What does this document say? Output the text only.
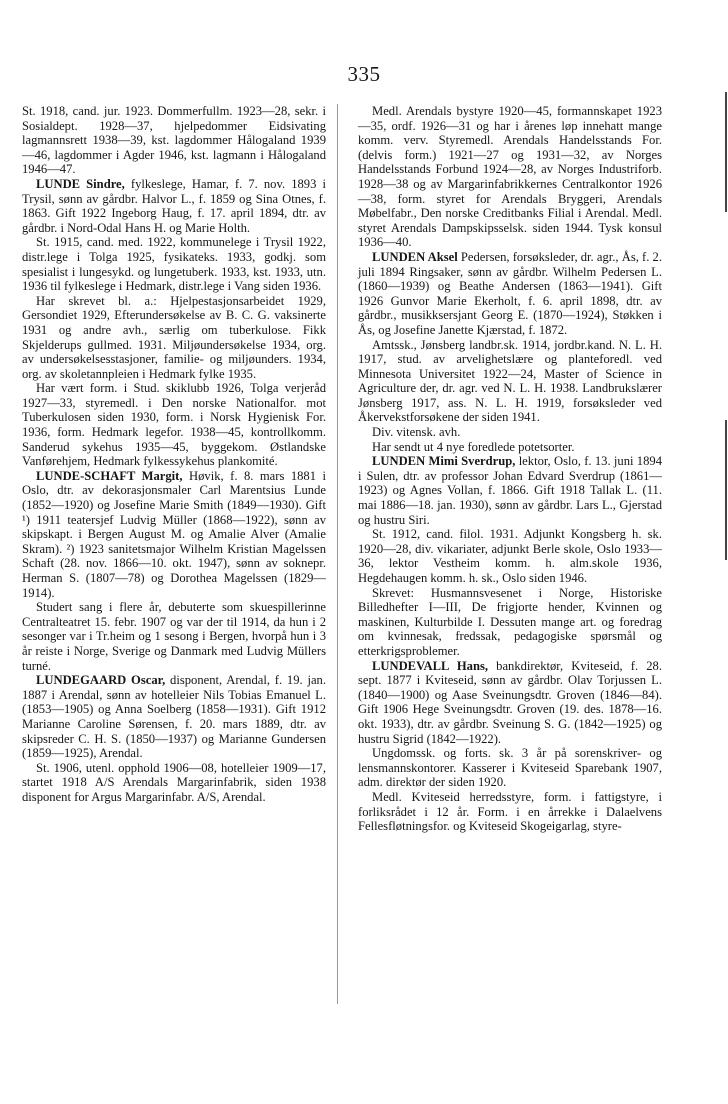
335

St. 1918, cand. jur. 1923. Dommerfullm. 1923—28, sekr. i Sosialdept. 1928—37, hjelpedommer Eidsivating lagmannsrett 1938—39, kst. lagdommer Hålogaland 1939—46, lagdommer i Agder 1946, kst. lagmann i Hålogaland 1946—47.

LUNDE Sindre, fylkeslege, Hamar, f. 7. nov. 1893 i Trysil, sønn av gårdbr. Halvor L., f. 1859 og Sina Otnes, f. 1863. Gift 1922 Ingeborg Haug, f. 17. april 1894, dtr. av gårdbr. i Nord-Odal Hans H. og Marie Holth.

St. 1915, cand. med. 1922, kommunelege i Trysil 1922, distr.lege i Tolga 1925, fysikateks. 1933, godkj. som spesialist i lungesykd. og lungetuberk. 1933, kst. 1933, utn. 1936 til fylkeslege i Hedmark, distr.lege i Vang siden 1936.

Har skrevet bl. a.: Hjelpestasjonsarbeidet 1929, Gersondiet 1929, Efterundersøkelse av B. C. G. vaksinerte 1931 og andre avh., særlig om tuberkulose. Fikk Skjelderups gullmed. 1931. Miljøundersøkelse 1934, org. av undersøkelsesstasjoner, familie- og miljøunders. 1934, org. av skoletannpleien i Hedmark fylke 1935.

Har vært form. i Stud. skiklubb 1926, Tolga verjeråd 1927—33, styremedl. i Den norske Nationalfor. mot Tuberkulosen siden 1930, form. i Norsk Hygienisk For. 1936, form. Hedmark legefor. 1938—45, kontrollkomm. Sanderud sykehus 1935—45, byggekom. Østlandske Vanførehjem, Hedmark fylkessykehus plankomité.

LUNDE-SCHAFT Margit, Høvik, f. 8. mars 1881 i Oslo, dtr. av dekorasjonsmaler Carl Marentsius Lunde (1852—1920) og Josefine Marie Smith (1849—1930). Gift ¹) 1911 teatersjef Ludvig Müller (1868—1922), sønn av skipskapt. i Bergen August M. og Amalie Alver (Amalie Skram). ²) 1923 sanitetsmajor Wilhelm Kristian Magelssen Schaft (28. nov. 1866—10. okt. 1947), sønn av soknepr. Herman S. (1807—78) og Dorothea Magelssen (1829—1914).

Studert sang i flere år, debuterte som skuespillerinne Centralteatret 15. febr. 1907 og var der til 1914, da hun i 2 sesonger var i Tr.heim og 1 sesong i Bergen, hvorpå hun i 3 år reiste i Norge, Sverige og Danmark med Ludvig Müllers turné.

LUNDEGAARD Oscar, disponent, Arendal, f. 19. jan. 1887 i Arendal, sønn av hotelleier Nils Tobias Emanuel L. (1853—1905) og Anna Soelberg (1858—1931). Gift 1912 Marianne Caroline Sørensen, f. 20. mars 1889, dtr. av skipsreder C. H. S. (1850—1937) og Marianne Gundersen (1859—1925), Arendal.

St. 1906, utenl. opphold 1906—08, hotelleier 1909—17, startet 1918 A/S Arendals Margarinfabrik, siden 1938 disponent for Argus Margarinfabr. A/S, Arendal.

Medl. Arendals bystyre 1920—45, formannskapet 1923—35, ordf. 1926—31 og har i årenes løp innehatt mange komm. verv. Styremedl. Arendals Handelsstands For. (delvis form.) 1921—27 og 1931—32, av Norges Handelsstands Forbund 1924—28, av Norges Industriforb. 1928—38 og av Margarinfabrikkernes Centralkontor 1926—38, form. styret for Arendals Bryggeri, Arendals Møbelfabr., Den norske Creditbanks Filial i Arendal. Medl. styret Arendals Dampskipsselsk. siden 1944. Tysk konsul 1936—40.

LUNDEN Aksel Pedersen, forsøksleder, dr. agr., Ås, f. 2. juli 1894 Ringsaker, sønn av gårdbr. Wilhelm Pedersen L. (1860—1939) og Beathe Andersen (1863—1941). Gift 1926 Gunvor Marie Ekerholt, f. 6. april 1898, dtr. av gårdbr., musikksersjant Georg E. (1870—1924), Støkken i Ås, og Josefine Janette Kjærstad, f. 1872.

Amtssk., Jønsberg landbr.sk. 1914, jordbr.kand. N. L. H. 1917, stud. av arvelighetslære og planteforedl. ved Minnesota Universitet 1922—24, Master of Science in Agriculture der, dr. agr. ved N. L. H. 1938. Landbrukslærer Jønsberg 1917, ass. N. L. H. 1919, forsøksleder ved Åkervekstforsøkene der siden 1941.

Div. vitensk. avh.

Har sendt ut 4 nye foredlede potetsorter.

LUNDEN Mimi Sverdrup, lektor, Oslo, f. 13. juni 1894 i Sulen, dtr. av professor Johan Edvard Sverdrup (1861—1923) og Agnes Vollan, f. 1866. Gift 1918 Tallak L. (11. mai 1886—18. jan. 1930), sønn av gårdbr. Lars L., Gjerstad og hustru Siri.

St. 1912, cand. filol. 1931. Adjunkt Kongsberg h. sk. 1920—28, div. vikariater, adjunkt Berle skole, Oslo 1933—36, lektor Vestheim komm. h. alm.skole 1936, Hegdehaugen komm. h. sk., Oslo siden 1946.

Skrevet: Husmannsvesenet i Norge, Historiske Billedhefter I—III, De frigjorte hender, Kvinnen og maskinen, Kulturbilde I. Dessuten mange art. og foredrag om kvinnesak, fredssak, pedagogiske spørsmål og etterkrigsproblemer.

LUNDEVALL Hans, bankdirektør, Kviteseid, f. 28. sept. 1877 i Kviteseid, sønn av gårdbr. Olav Torjussen L. (1840—1900) og Aase Sveinungsdtr. Groven (1846—84). Gift 1906 Hege Sveinungsdtr. Groven (19. des. 1878—16. okt. 1933), dtr. av gårdbr. Sveinung S. G. (1842—1925) og hustru Sigrid (1842—1922).

Ungdomssk. og forts. sk. 3 år på sorenskriver- og lensmannskontorer. Kasserer i Kviteseid Sparebank 1907, adm. direktør der siden 1920.

Medl. Kviteseid herredsstyre, form. i fattigstyre, i forliksrådet i 12 år. Form. i en årrekke i Dalaelvens Fellesfløtningsfor. og Kviteseid Skogeigarlag, styre-
